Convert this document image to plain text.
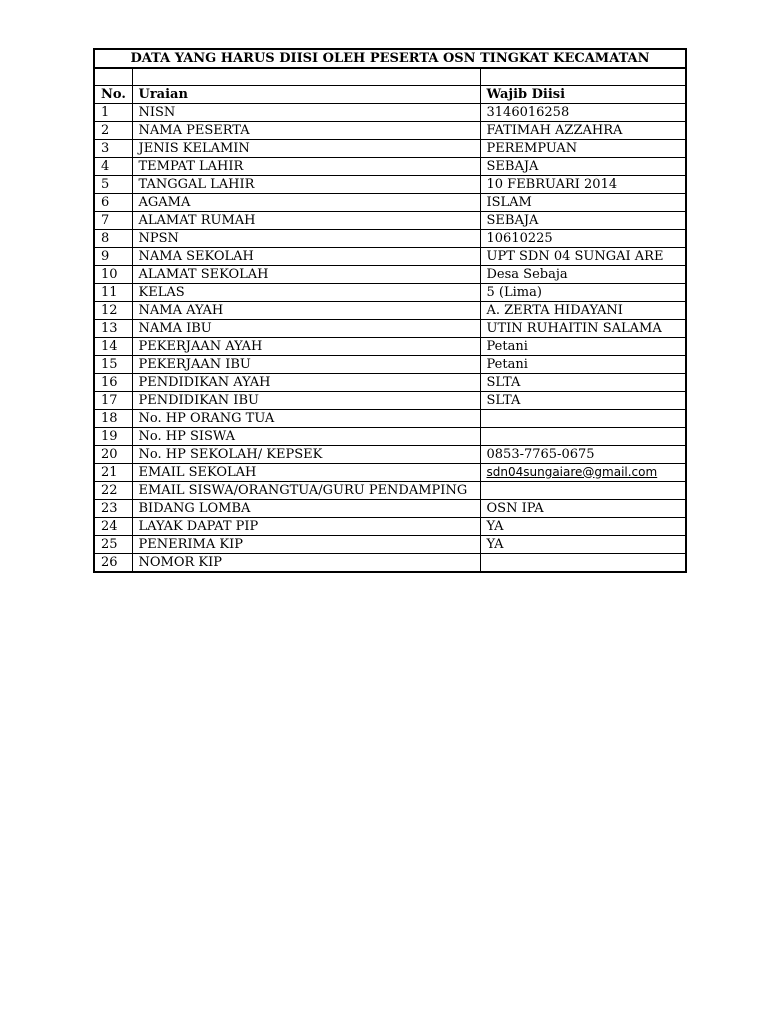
DATA YANG HARUS DIISI OLEH PESERTA OSN TINGKAT KECAMATAN		

No.	Uraian	Wajib Diisi
1	NISN	3146016258
2	NAMA PESERTA	FATIMAH AZZAHRA
3	JENIS KELAMIN	PEREMPUAN
4	TEMPAT LAHIR	SEBAJA
5	TANGGAL LAHIR	10 FEBRUARI 2014
6	AGAMA	ISLAM
7	ALAMAT RUMAH	SEBAJA
8	NPSN	10610225
9	NAMA SEKOLAH	UPT SDN 04 SUNGAI ARE
10	ALAMAT SEKOLAH	Desa Sebaja
11	KELAS	5 (Lima)
12	NAMA AYAH	A. ZERTA HIDAYANI
13	NAMA IBU	UTIN RUHAITIN SALAMA
14	PEKERJAAN AYAH	Petani
15	PEKERJAAN IBU	Petani
16	PENDIDIKAN AYAH	SLTA
17	PENDIDIKAN IBU	SLTA
18	No. HP ORANG TUA	
19	No. HP SISWA	
20	No. HP SEKOLAH/ KEPSEK	0853-7765-0675
21	EMAIL SEKOLAH	sdn04sungaiare@gmail.com
22	EMAIL SISWA/ORANGTUA/GURU PENDAMPING	
23	BIDANG LOMBA	OSN IPA
24	LAYAK DAPAT PIP	YA
25	PENERIMA KIP	YA
26	NOMOR KIP	
